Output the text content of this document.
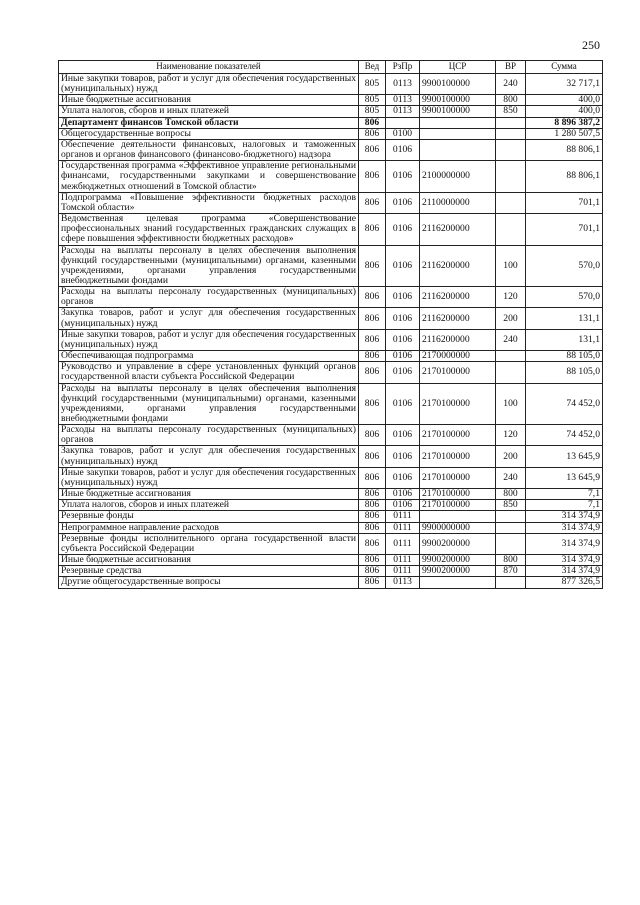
250
Наименование показателей	Вед	РзПр	ЦСР	ВР	Сумма
Иные закупки товаров, работ и услуг для обеспечения государственных (муниципальных) нужд	805	0113	9900100000	240	32 717,1
Иные бюджетные ассигнования	805	0113	9900100000	800	400,0
Уплата налогов, сборов и иных платежей	805	0113	9900100000	850	400,0
Департамент финансов Томской области	806				8 896 387,2
Общегосударственные вопросы	806	0100			1 280 507,5
Обеспечение деятельности финансовых, налоговых и таможенных органов и органов финансового (финансово-бюджетного) надзора	806	0106			88 806,1
Государственная программа «Эффективное управление региональными финансами, государственными закупками и совершенствование межбюджетных отношений в Томской области»	806	0106	2100000000		88 806,1
Подпрограмма «Повышение эффективности бюджетных расходов Томской области»	806	0106	2110000000		701,1
Ведомственная целевая программа «Совершенствование профессиональных знаний государственных гражданских служащих в сфере повышения эффективности бюджетных расходов»	806	0106	2116200000		701,1
Расходы на выплаты персоналу в целях обеспечения выполнения функций государственными (муниципальными) органами, казенными учреждениями, органами управления государственными внебюджетными фондами	806	0106	2116200000	100	570,0
Расходы на выплаты персоналу государственных (муниципальных) органов	806	0106	2116200000	120	570,0
Закупка товаров, работ и услуг для обеспечения государственных (муниципальных) нужд	806	0106	2116200000	200	131,1
Иные закупки товаров, работ и услуг для обеспечения государственных (муниципальных) нужд	806	0106	2116200000	240	131,1
Обеспечивающая подпрограмма	806	0106	2170000000		88 105,0
Руководство и управление в сфере установленных функций органов государственной власти субъекта Российской Федерации	806	0106	2170100000		88 105,0
Расходы на выплаты персоналу в целях обеспечения выполнения функций государственными (муниципальными) органами, казенными учреждениями, органами управления государственными внебюджетными фондами	806	0106	2170100000	100	74 452,0
Расходы на выплаты персоналу государственных (муниципальных) органов	806	0106	2170100000	120	74 452,0
Закупка товаров, работ и услуг для обеспечения государственных (муниципальных) нужд	806	0106	2170100000	200	13 645,9
Иные закупки товаров, работ и услуг для обеспечения государственных (муниципальных) нужд	806	0106	2170100000	240	13 645,9
Иные бюджетные ассигнования	806	0106	2170100000	800	7,1
Уплата налогов, сборов и иных платежей	806	0106	2170100000	850	7,1
Резервные фонды	806	0111			314 374,9
Непрограммное направление расходов	806	0111	9900000000		314 374,9
Резервные фонды исполнительного органа государственной власти субъекта Российской Федерации	806	0111	9900200000		314 374,9
Иные бюджетные ассигнования	806	0111	9900200000	800	314 374,9
Резервные средства	806	0111	9900200000	870	314 374,9
Другие общегосударственные вопросы	806	0113			877 326,5
